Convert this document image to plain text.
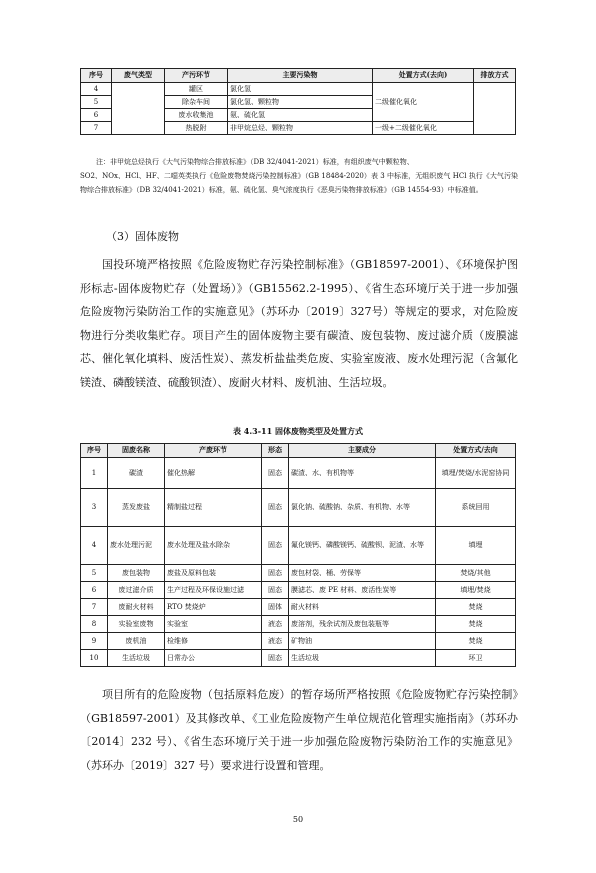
序号	废气类型	产污环节	主要污染物	处置方式(去向)	排放方式
4		罐区	氯化氢	二级催化氧化	
5		除杂车间	氯化氢、颗粒物		
6		废水收集池	氨、硫化氢		
7		热脱附	非甲烷总烃、颗粒物	一级+二级催化氧化	
注：非甲烷总烃执行《大气污染物综合排放标准》（DB 32/4041-2021）标准，有组织废气中颗粒物、
SO2、NOx、HCl、HF、二噁英类执行《危险废物焚烧污染控制标准》（GB 18484-2020）表 3 中标准，无组织废气 HCl 执行《大气污染物综合排放标准》（DB 32/4041-2021）标准，氨、硫化氢、臭气浓度执行《恶臭污染物排放标准》（GB 14554-93）中标准值。
（3）固体废物
国投环境严格按照《危险废物贮存污染控制标准》（GB18597-2001）、《环境保护图形标志-固体废物贮存（处置场）》（GB15562.2-1995）、《省生态环境厅关于进一步加强危险废物污染防治工作的实施意见》（苏环办〔2019〕327号）等规定的要求，对危险废物进行分类收集贮存。项目产生的固体废物主要有碳渣、废包装物、废过滤介质（废膜滤芯、催化氧化填料、废活性炭）、蒸发析盐盐类危废、实验室废液、废水处理污泥（含氟化镁渣、磷酸镁渣、硫酸钡渣）、废耐火材料、废机油、生活垃圾。
表 4.3-11 固体废物类型及处置方式
序号	固废名称	产废环节	形态	主要成分	处置方式/去向
1	碳渣	催化热解	固态	碳渣、水、有机物等	填埋/焚烧/水泥窑协同
3	蒸发废盐	精制盐过程	固态	氯化钠、硫酸钠、杂质、有机物、水等	系统回用
4	废水处理污泥	废水处理及盐水除杂	固态	氟化镁钙、磷酸镁钙、硫酸钡、泥渣、水等	填埋
5	废包装物	废盐及原料包装	固态	废包材袋、桶、劳保等	焚烧/其他
6	废过滤介质	生产过程及环保设施过滤	固态	膜滤芯、废 PE 材料、废活性炭等	填埋/焚烧
7	废耐火材料	RTO 焚烧炉	固体	耐火材料	焚烧
8	实验室废物	实验室	液态	废溶剂，残余试剂及废包装瓶等	焚烧
9	废机油	检维修	液态	矿物油	焚烧
10	生活垃圾	日常办公	固态	生活垃圾	环卫
项目所有的危险废物（包括原料危废）的暂存场所严格按照《危险废物贮存污染控制》（GB18597-2001）及其修改单、《工业危险废物产生单位规范化管理实施指南》（苏环办〔2014〕232 号）、《省生态环境厅关于进一步加强危险废物污染防治工作的实施意见》（苏环办〔2019〕327 号）要求进行设置和管理。
50
